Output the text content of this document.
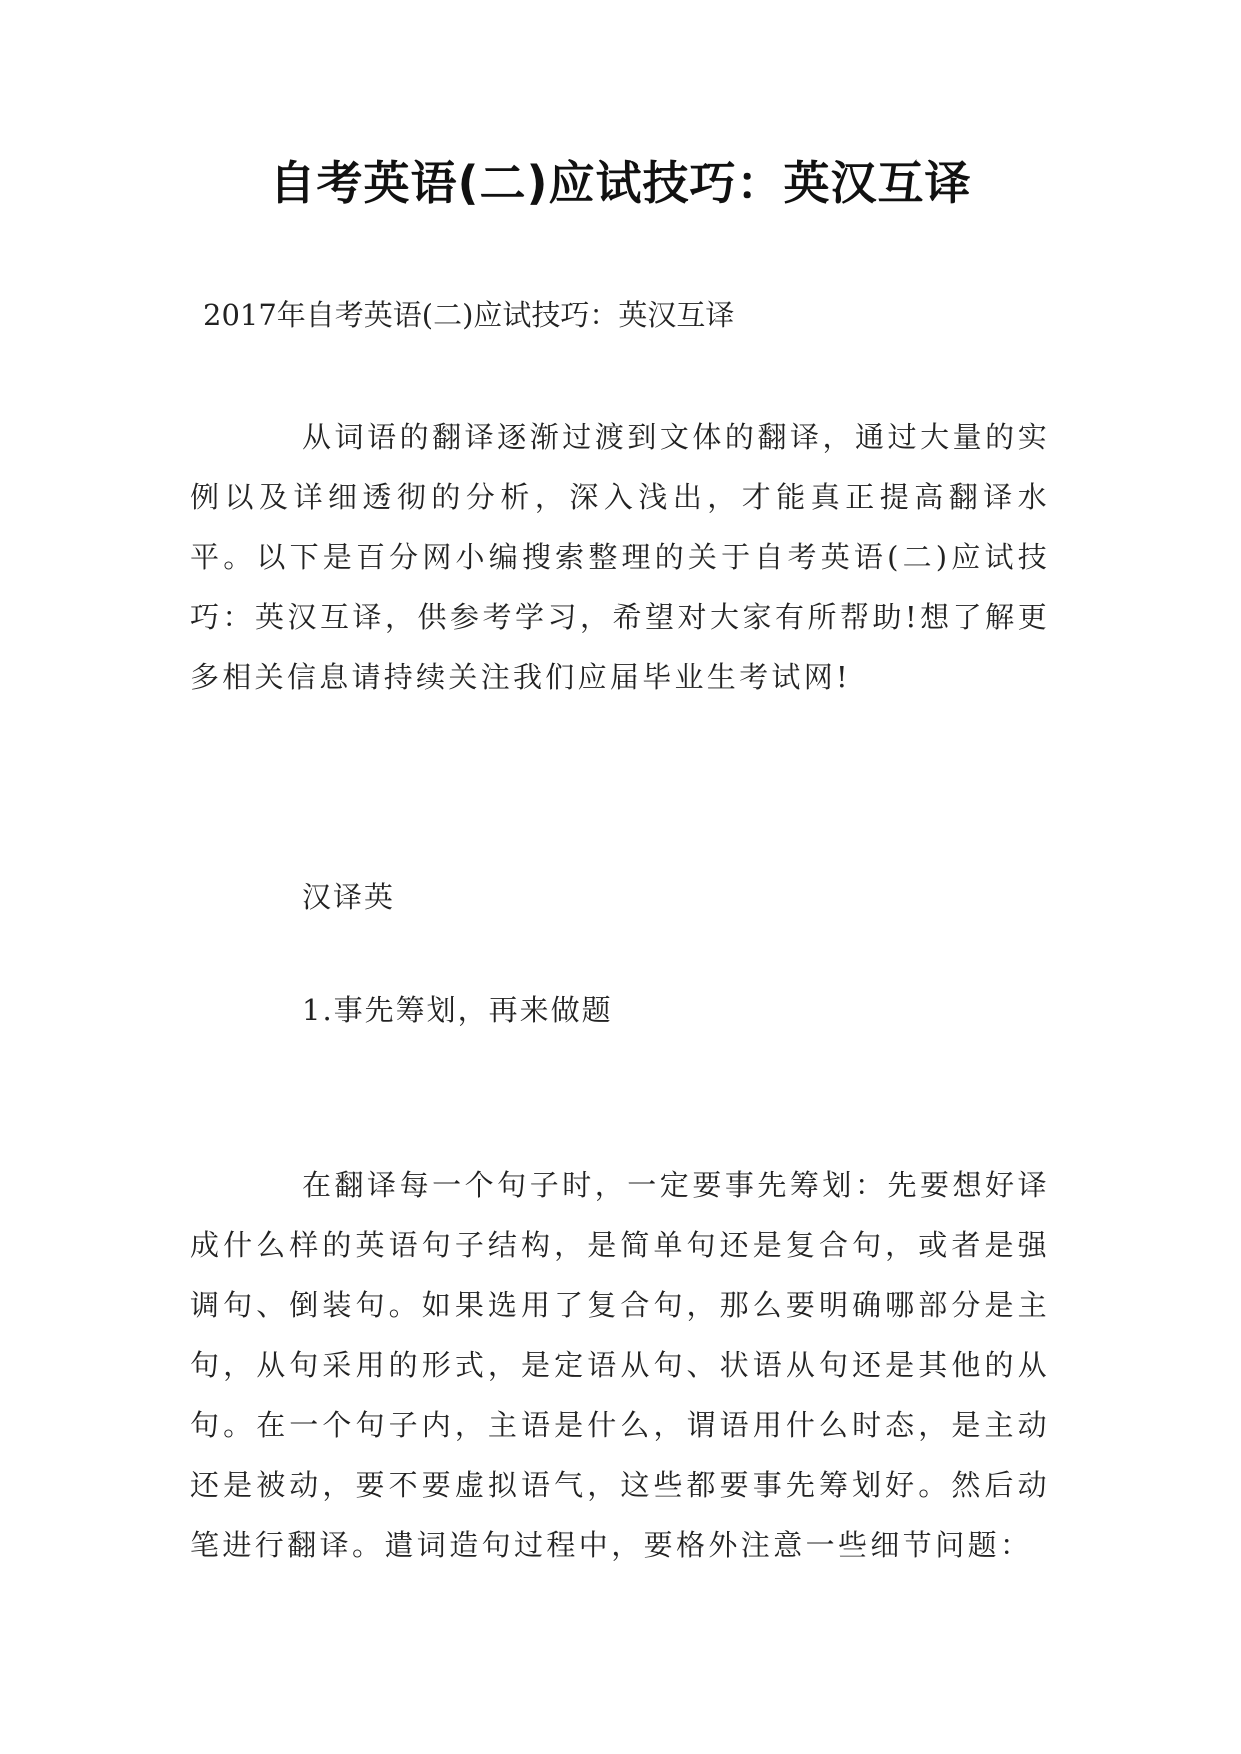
自考英语(二)应试技巧：英汉互译

2017年自考英语(二)应试技巧：英汉互译

从词语的翻译逐渐过渡到文体的翻译，通过大量的实例以及详细透彻的分析，深入浅出，才能真正提高翻译水平。以下是百分网小编搜索整理的关于自考英语(二)应试技巧：英汉互译，供参考学习，希望对大家有所帮助!想了解更多相关信息请持续关注我们应届毕业生考试网!

汉译英

1.事先筹划，再来做题

在翻译每一个句子时，一定要事先筹划：先要想好译成什么样的英语句子结构，是简单句还是复合句，或者是强调句、倒装句。如果选用了复合句，那么要明确哪部分是主句，从句采用的形式，是定语从句、状语从句还是其他的从句。在一个句子内，主语是什么，谓语用什么时态，是主动还是被动，要不要虚拟语气，这些都要事先筹划好。然后动笔进行翻译。遣词造句过程中，要格外注意一些细节问题：
